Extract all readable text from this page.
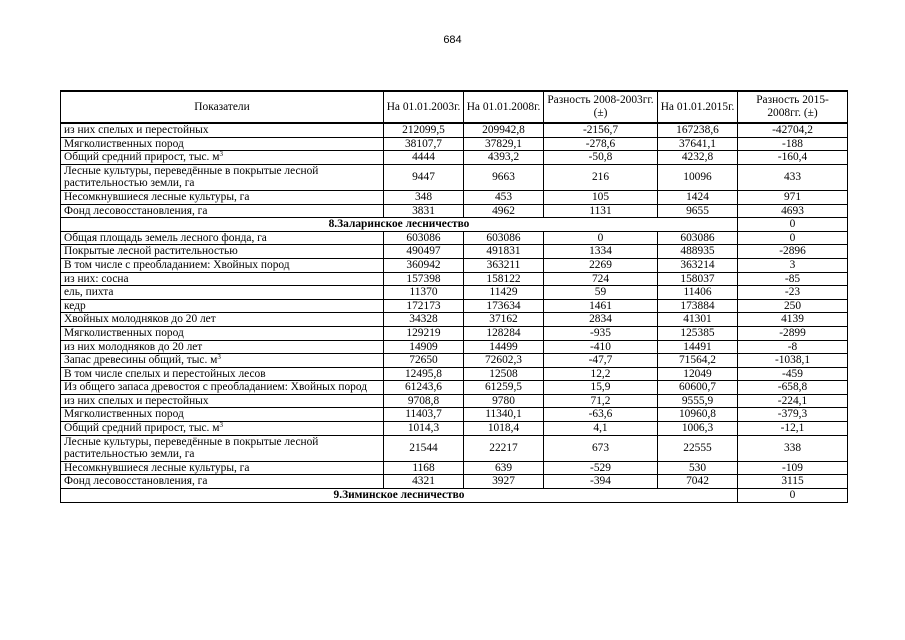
684
Показатели	На 01.01.2003г.	На 01.01.2008г.	Разность 2008-2003гг. (±)	На 01.01.2015г.	Разность 2015-2008гг. (±)
из них спелых и перестойных	212099,5	209942,8	-2156,7	167238,6	-42704,2
Мягколиственных пород	38107,7	37829,1	-278,6	37641,1	-188
Общий средний прирост, тыс. $м^3$	4444	4393,2	-50,8	4232,8	-160,4
Лесные культуры, переведённые в покрытые лесной растительностью земли, га	9447	9663	216	10096	433
Несомкнувшиеся лесные культуры, га	348	453	105	1424	971
Фонд лесовосстановления, га	3831	4962	1131	9655	4693
8.Заларинское лесничество					0
Общая площадь земель лесного фонда, га	603086	603086	0	603086	0
Покрытые лесной растительностью	490497	491831	1334	488935	-2896
В том числе с преобладанием: Хвойных пород	360942	363211	2269	363214	3
из них: сосна	157398	158122	724	158037	-85
ель, пихта	11370	11429	59	11406	-23
кедр	172173	173634	1461	173884	250
Хвойных молодняков до 20 лет	34328	37162	2834	41301	4139
Мягколиственных пород	129219	128284	-935	125385	-2899
из них молодняков до 20 лет	14909	14499	-410	14491	-8
Запас древесины общий, тыс. $м^3$	72650	72602,3	-47,7	71564,2	-1038,1
В том числе спелых и перестойных лесов	12495,8	12508	12,2	12049	-459
Из общего запаса древостоя с преобладанием: Хвойных пород	61243,6	61259,5	15,9	60600,7	-658,8
из них спелых и перестойных	9708,8	9780	71,2	9555,9	-224,1
Мягколиственных пород	11403,7	11340,1	-63,6	10960,8	-379,3
Общий средний прирост, тыс. $м^3$	1014,3	1018,4	4,1	1006,3	-12,1
Лесные культуры, переведённые в покрытые лесной растительностью земли, га	21544	22217	673	22555	338
Несомкнувшиеся лесные культуры, га	1168	639	-529	530	-109
Фонд лесовосстановления, га	4321	3927	-394	7042	3115
9.Зиминское лесничество					0
